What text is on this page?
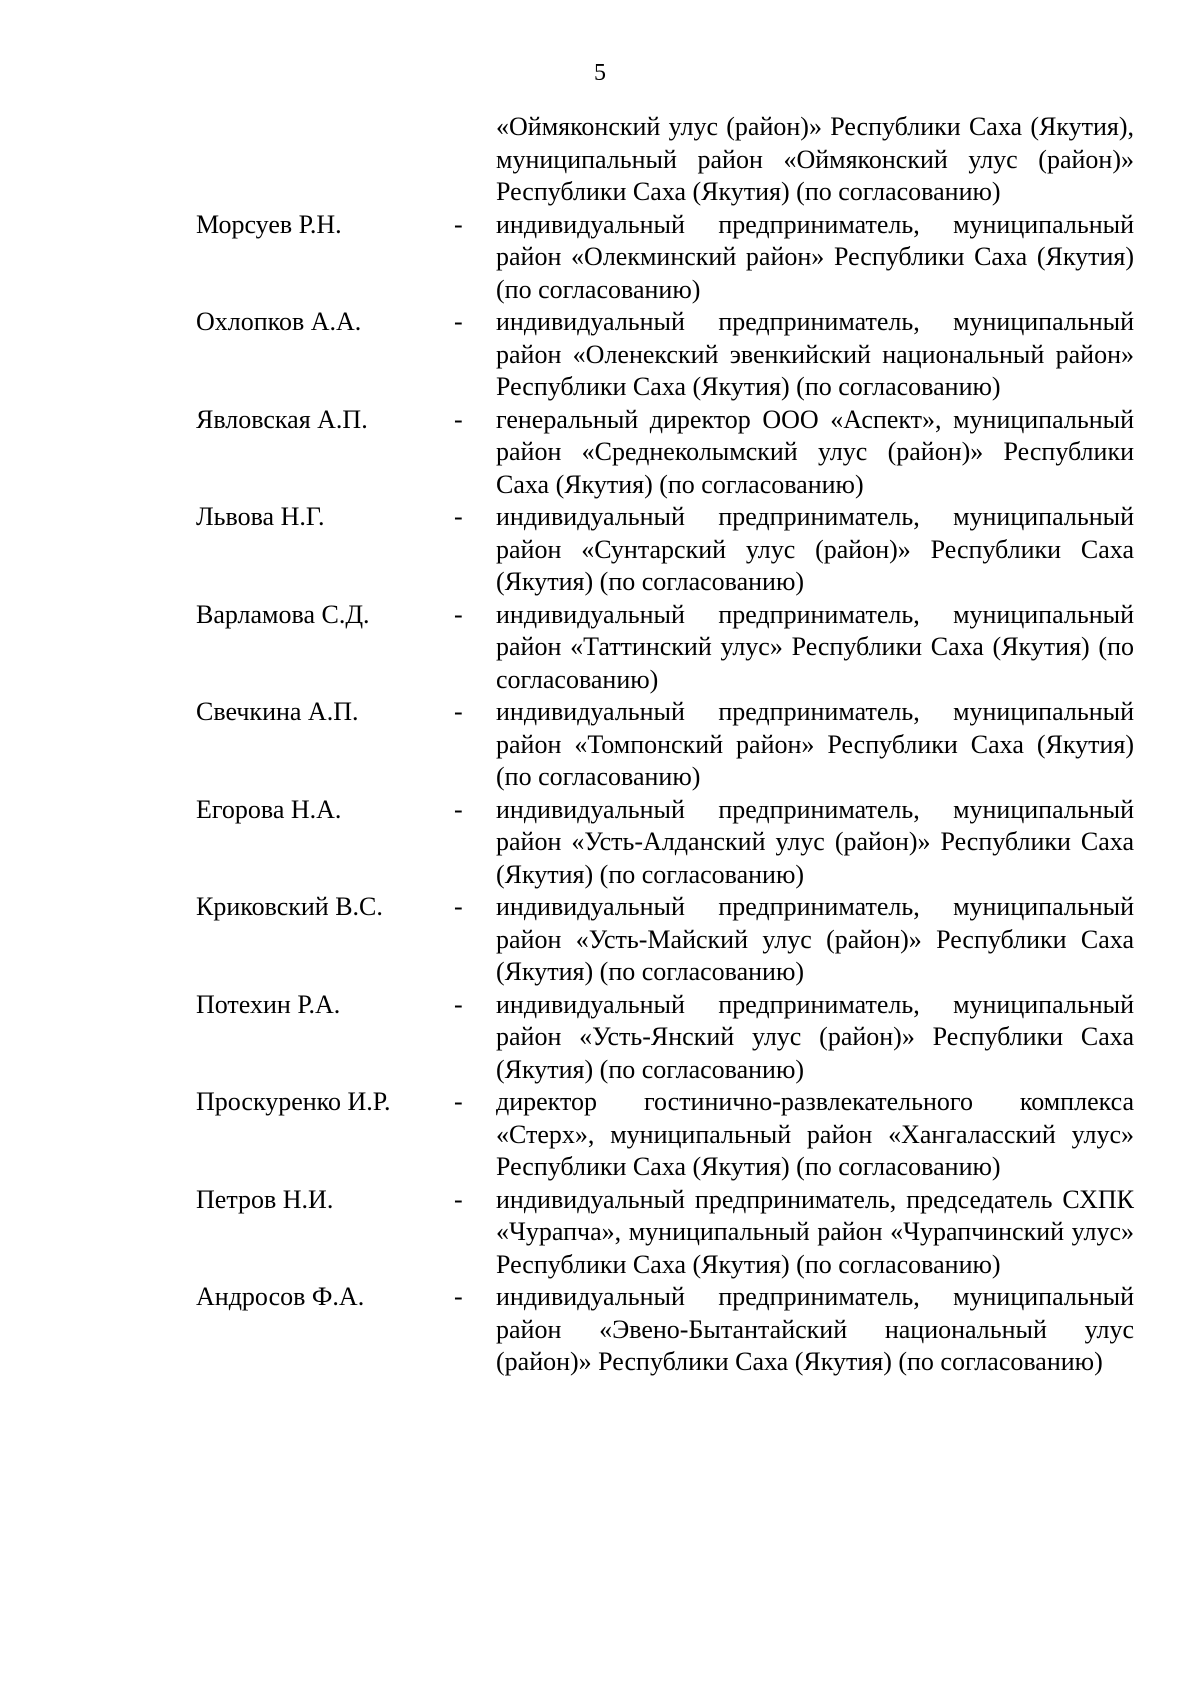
5
«Оймяконский улус (район)» Республики Саха (Якутия), муниципальный район «Оймяконский улус (район)» Республики Саха (Якутия) (по согласованию)
Морсуев Р.Н.	-	индивидуальный предприниматель, муниципальный район «Олекминский район» Республики Саха (Якутия) (по согласованию)
Охлопков А.А.	-	индивидуальный предприниматель, муниципальный район «Оленекский эвенкийский национальный район» Республики Саха (Якутия) (по согласованию)
Явловская А.П.	-	генеральный директор ООО «Аспект», муниципальный район «Среднеколымский улус (район)» Республики Саха (Якутия) (по согласованию)
Львова Н.Г.	-	индивидуальный предприниматель, муниципальный район «Сунтарский улус (район)» Республики Саха (Якутия) (по согласованию)
Варламова С.Д.	-	индивидуальный предприниматель, муниципальный район «Таттинский улус» Республики Саха (Якутия) (по согласованию)
Свечкина А.П.	-	индивидуальный предприниматель, муниципальный район «Томпонский район» Республики Саха (Якутия) (по согласованию)
Егорова Н.А.	-	индивидуальный предприниматель, муниципальный район «Усть-Алданский улус (район)» Республики Саха (Якутия) (по согласованию)
Криковский В.С.	-	индивидуальный предприниматель, муниципальный район «Усть-Майский улус (район)» Республики Саха (Якутия) (по согласованию)
Потехин Р.А.	-	индивидуальный предприниматель, муниципальный район «Усть-Янский улус (район)» Республики Саха (Якутия) (по согласованию)
Проскуренко И.Р.	-	директор гостинично-развлекательного комплекса «Стерх», муниципальный район «Хангаласский улус» Республики Саха (Якутия) (по согласованию)
Петров Н.И.	-	индивидуальный предприниматель, председатель СХПК «Чурапча», муниципальный район «Чурапчинский улус» Республики Саха (Якутия) (по согласованию)
Андросов Ф.А.	-	индивидуальный предприниматель, муниципальный район «Эвено-Бытантайский национальный улус (район)» Республики Саха (Якутия) (по согласованию)
